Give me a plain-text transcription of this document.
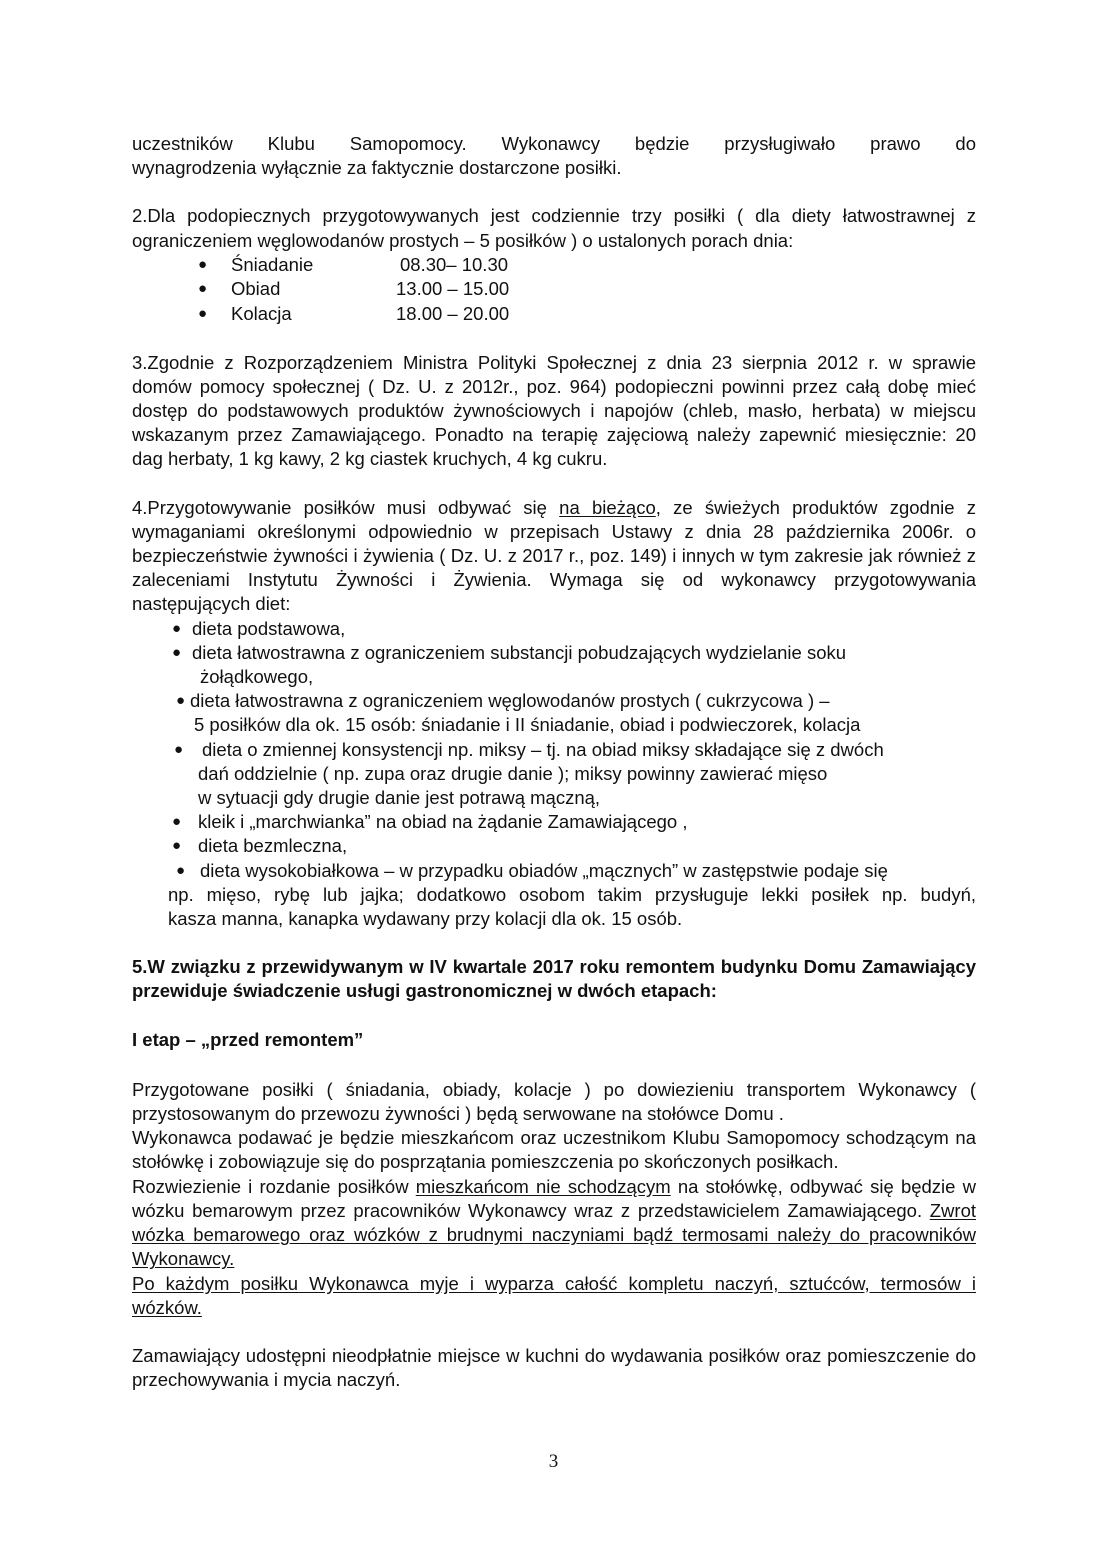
uczestników Klubu Samopomocy. Wykonawcy będzie przysługiwało prawo do

wynagrodzenia wyłącznie za faktycznie dostarczone posiłki.

2.Dla podopiecznych przygotowywanych jest codziennie trzy posiłki ( dla diety łatwostrawnej z ograniczeniem węglowodanów prostych – 5 posiłków ) o ustalonych porach dnia:

● Śniadanie	08.30– 10.30
● Obiad	13.00 – 15.00
● Kolacja	18.00 – 20.00

3.Zgodnie z Rozporządzeniem Ministra Polityki Społecznej z dnia 23 sierpnia 2012 r. w sprawie domów pomocy społecznej ( Dz. U. z 2012r., poz. 964) podopieczni powinni przez całą dobę mieć dostęp do podstawowych produktów żywnościowych i napojów (chleb, masło, herbata) w miejscu wskazanym przez Zamawiającego. Ponadto na terapię zajęciową należy zapewnić miesięcznie: 20 dag herbaty, 1 kg kawy, 2 kg ciastek kruchych, 4 kg cukru.

4.Przygotowywanie posiłków musi odbywać się na bieżąco, ze świeżych produktów zgodnie z wymaganiami określonymi odpowiednio w przepisach Ustawy z dnia 28 października 2006r. o bezpieczeństwie żywności i żywienia ( Dz. U. z 2017 r., poz. 149) i innych w tym zakresie jak również z zaleceniami Instytutu Żywności i Żywienia. Wymaga się od wykonawcy przygotowywania następujących diet:

● dieta podstawowa,

● dieta łatwostrawna z ograniczeniem substancji pobudzających wydzielanie soku

żołądkowego,

● dieta łatwostrawna z ograniczeniem węglowodanów prostych ( cukrzycowa ) –

5 posiłków dla ok. 15 osób: śniadanie i II śniadanie, obiad i podwieczorek, kolacja

● dieta o zmiennej konsystencji np. miksy – tj. na obiad miksy składające się z dwóch

dań oddzielnie ( np. zupa oraz drugie danie ); miksy powinny zawierać mięso

w sytuacji gdy drugie danie jest potrawą mączną,

● kleik i „marchwianka” na obiad na żądanie Zamawiającego ,

● dieta bezmleczna,

● dieta wysokobiałkowa – w przypadku obiadów „mącznych” w zastępstwie podaje się

np. mięso, rybę lub jajka; dodatkowo osobom takim przysługuje lekki posiłek np. budyń,

kasza manna, kanapka wydawany przy kolacji dla ok. 15 osób.

5.W związku z przewidywanym w IV kwartale 2017 roku remontem budynku Domu Zamawiający przewiduje świadczenie usługi gastronomicznej w dwóch etapach:

I etap – „przed remontem”

Przygotowane posiłki ( śniadania, obiady, kolacje ) po dowiezieniu transportem Wykonawcy ( przystosowanym do przewozu żywności ) będą serwowane na stołówce Domu .

Wykonawca podawać je będzie mieszkańcom oraz uczestnikom Klubu Samopomocy schodzącym na stołówkę i zobowiązuje się do posprzątania pomieszczenia po skończonych posiłkach.

Rozwiezienie i rozdanie posiłków mieszkańcom nie schodzącym na stołówkę, odbywać się będzie w wózku bemarowym przez pracowników Wykonawcy wraz z przedstawicielem Zamawiającego. Zwrot wózka bemarowego oraz wózków z brudnymi naczyniami bądź termosami należy do pracowników Wykonawcy.

Po każdym posiłku Wykonawca myje i wyparza całość kompletu naczyń, sztućców, termosów i wózków.

Zamawiający udostępni nieodpłatnie miejsce w kuchni do wydawania posiłków oraz pomieszczenie do przechowywania i mycia naczyń.

3
